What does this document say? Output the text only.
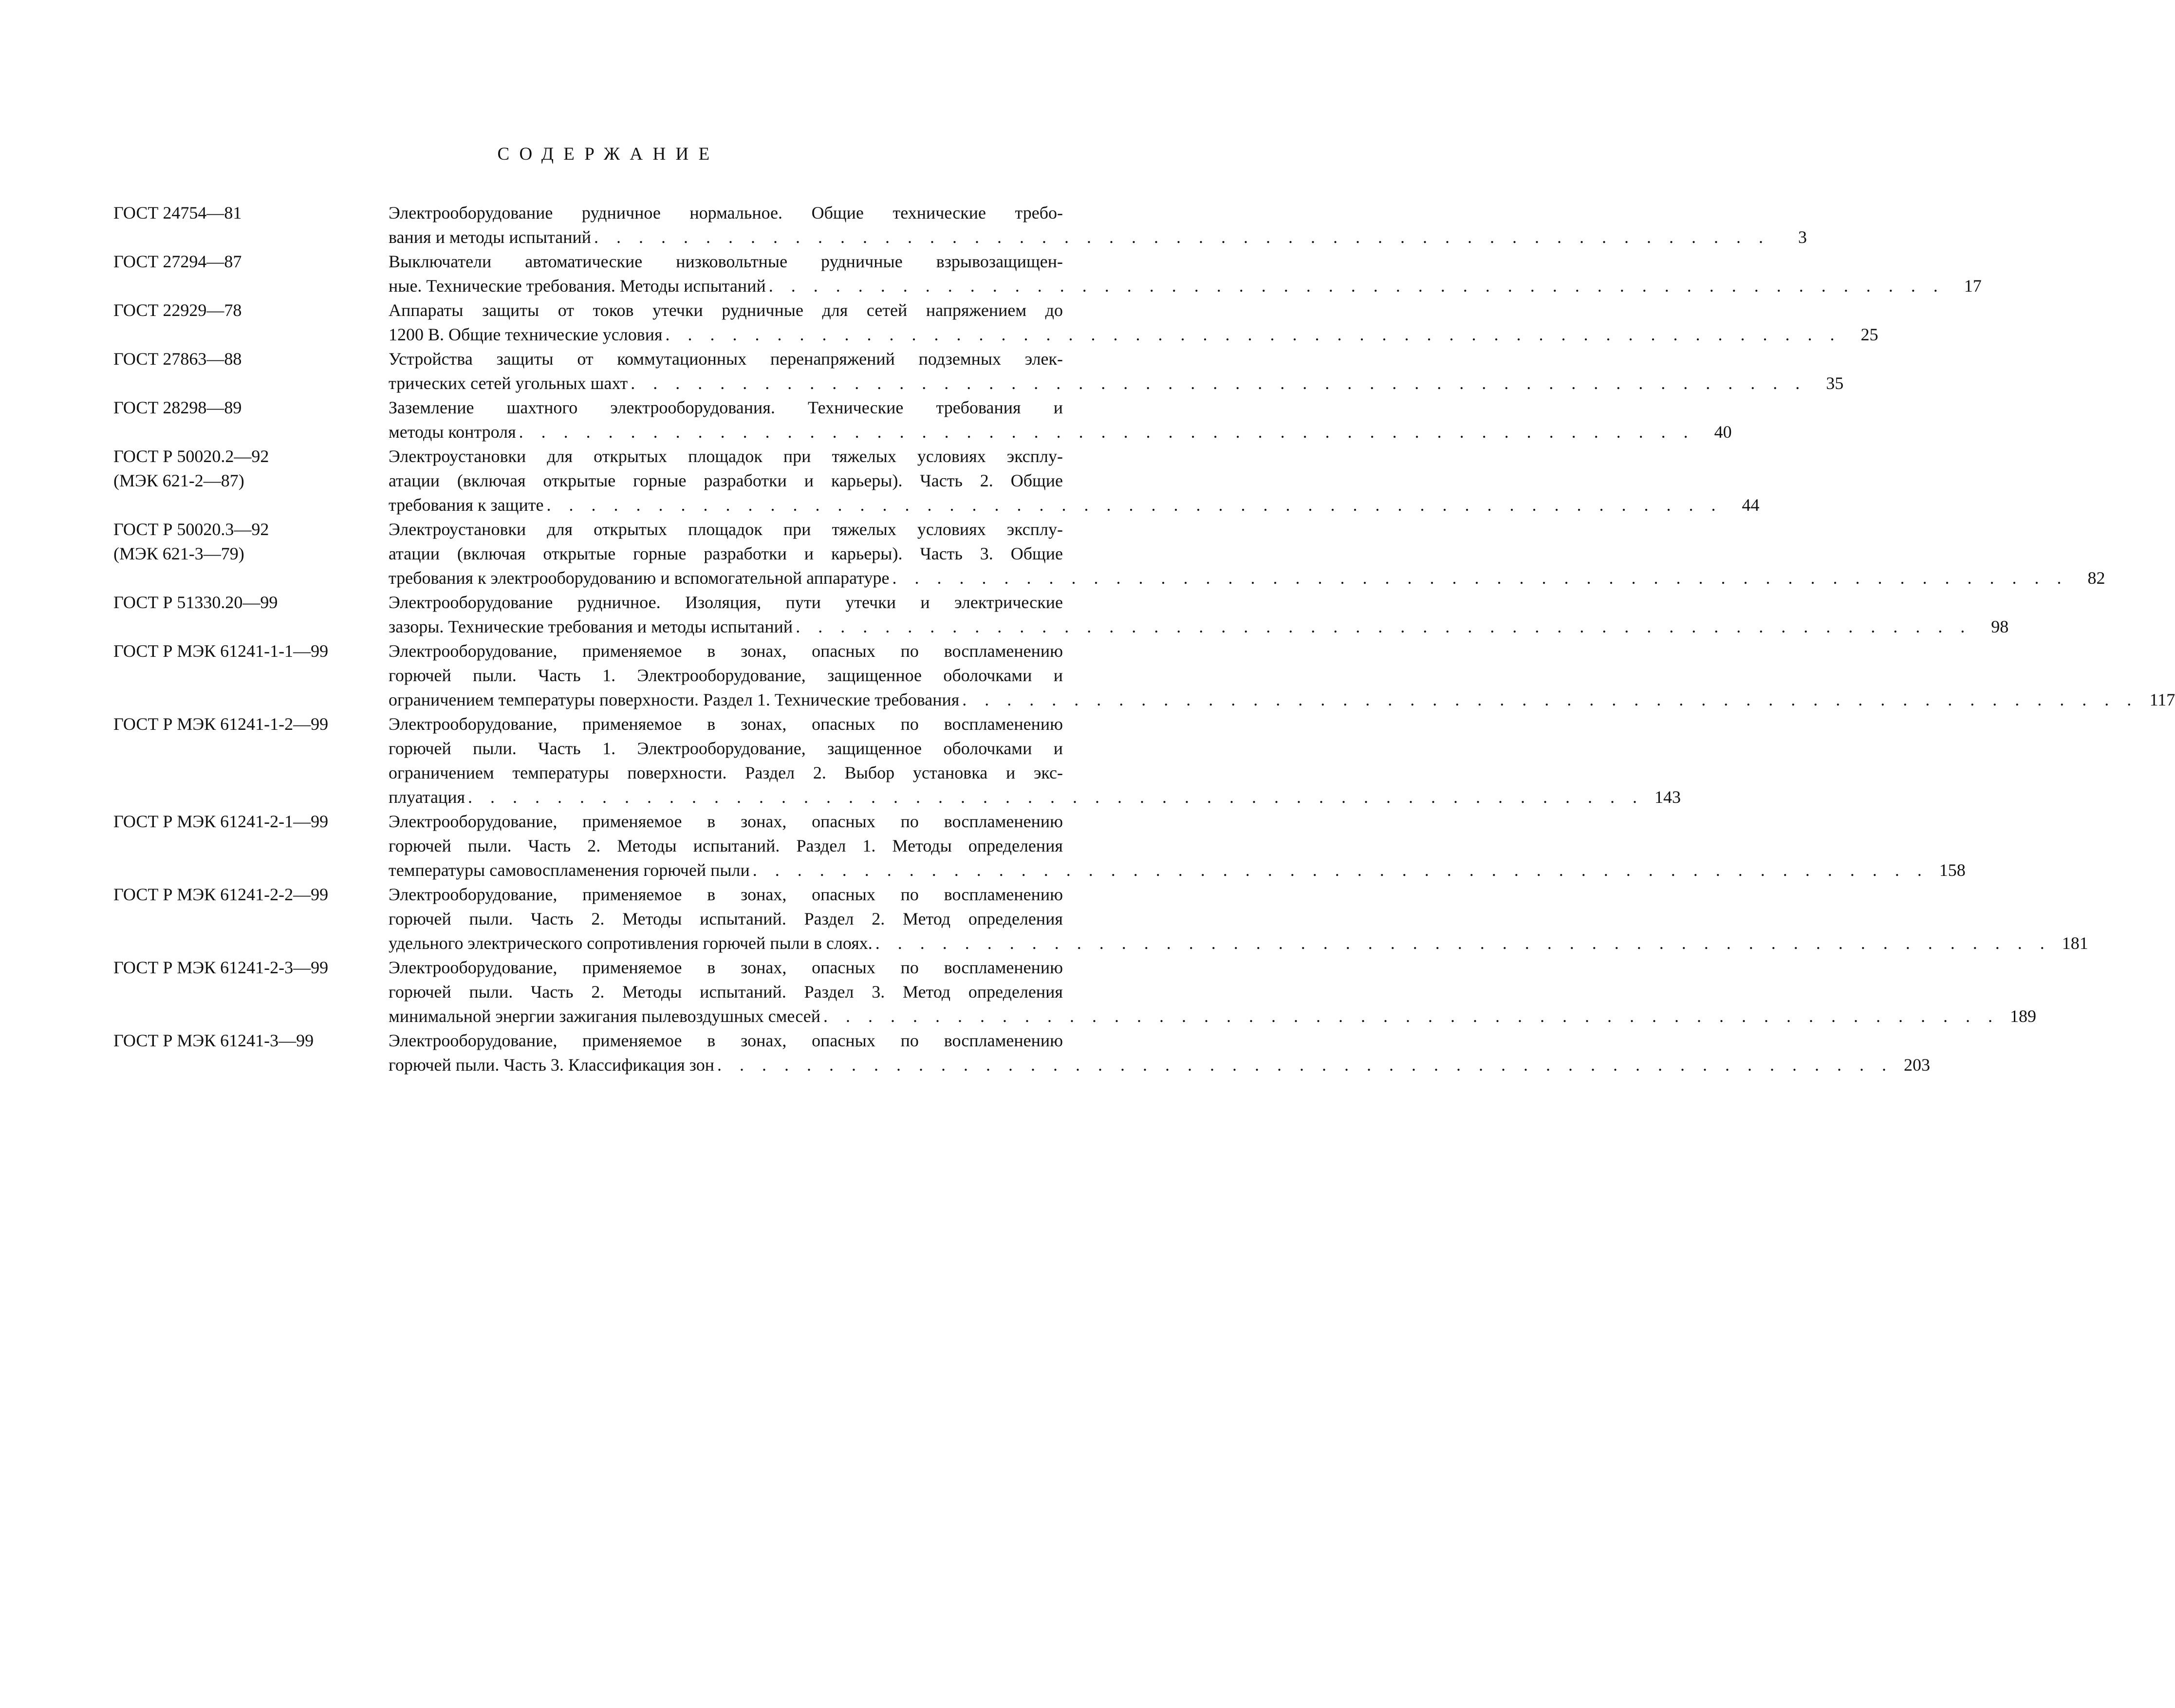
СОДЕРЖАНИЕ
ГОСТ 24754—81	Электрооборудование рудничное нормальное. Общие технические требо-
вания и методы испытаний . . . . . . . . . . . . . . . . . . . . . . . . . . . . . . . . . . . . . . . . . . . . . . . . . . . . .	3
ГОСТ 27294—87	Выключатели автоматические низковольтные рудничные взрывозащищен-
ные. Технические требования. Методы испытаний . . . . . . . . . . . . . . . . . . . . . . . . . . . . . . . . . . . . . . . . . . . . . . . . . . . . .	17
ГОСТ 22929—78	Аппараты защиты от токов утечки рудничные для сетей напряжением до
1200 В. Общие технические условия . . . . . . . . . . . . . . . . . . . . . . . . . . . . . . . . . . . . . . . . . . . . . . . . . . . . .	25
ГОСТ 27863—88	Устройства защиты от коммутационных перенапряжений подземных элек-
трических сетей угольных шахт . . . . . . . . . . . . . . . . . . . . . . . . . . . . . . . . . . . . . . . . . . . . . . . . . . . . .	35
ГОСТ 28298—89	Заземление шахтного электрооборудования. Технические требования и
методы контроля . . . . . . . . . . . . . . . . . . . . . . . . . . . . . . . . . . . . . . . . . . . . . . . . . . . . .	40
ГОСТ Р 50020.2—92
(МЭК 621-2—87)
Электроустановки для открытых площадок при тяжелых условиях эксплу-
атации (включая открытые горные разработки и карьеры). Часть 2. Общие
требования к защите . . . . . . . . . . . . . . . . . . . . . . . . . . . . . . . . . . . . . . . . . . . . . . . . . . . . .	44
ГОСТ Р 50020.3—92
(МЭК 621-3—79)
Электроустановки для открытых площадок при тяжелых условиях эксплу-
атации (включая открытые горные разработки и карьеры). Часть 3. Общие
требования к электрооборудованию и вспомогательной аппаратуре . . . . . . . . . . . . . . . . . . . . . . . . . . . . . . . . . . . . . . . . . . . . . . . . . . . . .	82
ГОСТ Р 51330.20—99	Электрооборудование рудничное. Изоляция, пути утечки и электрические
зазоры. Технические требования и методы испытаний . . . . . . . . . . . . . . . . . . . . . . . . . . . . . . . . . . . . . . . . . . . . . . . . . . . . .	98
ГОСТ Р МЭК 61241-1-1—99	Электрооборудование, применяемое в зонах, опасных по воспламенению
горючей пыли. Часть 1. Электрооборудование, защищенное оболочками и
ограничением температуры поверхности. Раздел 1. Технические требования . . . . . . . . . . . . . . . . . . . . . . . . . . . . . . . . . . . . . . . . . . . . . . . . . . . . . 117
ГОСТ Р МЭК 61241-1-2—99	Электрооборудование, применяемое в зонах, опасных по воспламенению
горючей пыли. Часть 1. Электрооборудование, защищенное оболочками и
ограничением температуры поверхности. Раздел 2. Выбор установка и экс-
плуатация . . . . . . . . . . . . . . . . . . . . . . . . . . . . . . . . . . . . . . . . . . . . . . . . . . . . . 143
ГОСТ Р МЭК 61241-2-1—99	Электрооборудование, применяемое в зонах, опасных по воспламенению
горючей пыли. Часть 2. Методы испытаний. Раздел 1. Методы определения
температуры самовоспламенения горючей пыли . . . . . . . . . . . . . . . . . . . . . . . . . . . . . . . . . . . . . . . . . . . . . . . . . . . . . 158
ГОСТ Р МЭК 61241-2-2—99	Электрооборудование, применяемое в зонах, опасных по воспламенению
горючей пыли. Часть 2. Методы испытаний. Раздел 2. Метод определения
удельного электрического сопротивления горючей пыли в слоях. . . . . . . . . . . . . . . . . . . . . . . . . . . . . . . . . . . . . . . . . . . . . . . . . . . . . . 181
ГОСТ Р МЭК 61241-2-3—99	Электрооборудование, применяемое в зонах, опасных по воспламенению
горючей пыли. Часть 2. Методы испытаний. Раздел 3. Метод определения
минимальной энергии зажигания пылевоздушных смесей . . . . . . . . . . . . . . . . . . . . . . . . . . . . . . . . . . . . . . . . . . . . . . . . . . . . . 189
ГОСТ Р МЭК 61241-3—99	Электрооборудование, применяемое в зонах, опасных по воспламенению
горючей пыли. Часть 3. Классификация зон . . . . . . . . . . . . . . . . . . . . . . . . . . . . . . . . . . . . . . . . . . . . . . . . . . . . . 203
